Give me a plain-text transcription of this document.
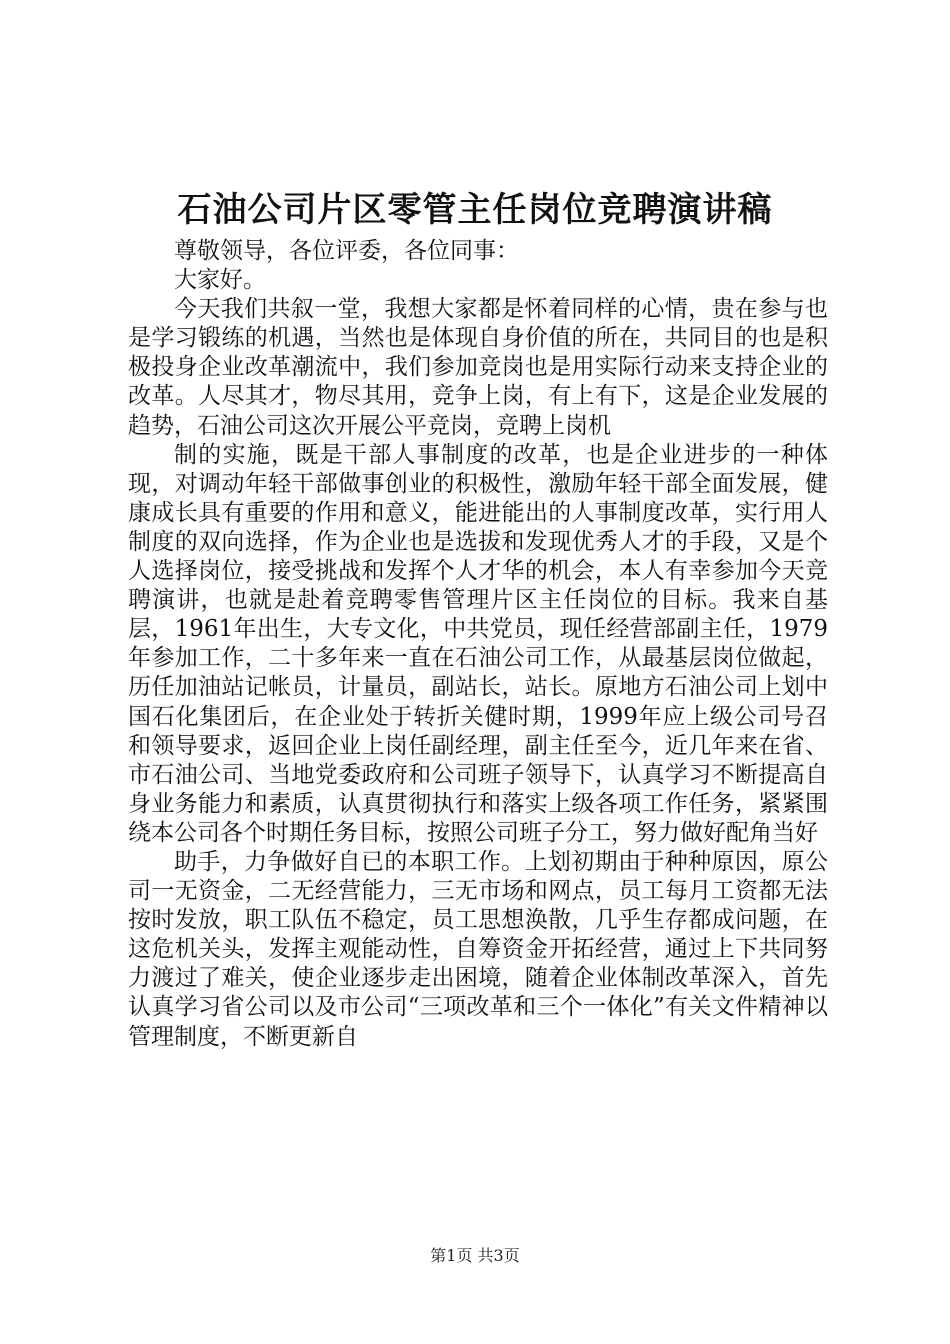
石油公司片区零管主任岗位竞聘演讲稿

尊敬领导，各位评委，各位同事：

大家好。

今天我们共叙一堂，我想大家都是怀着同样的心情，贵在参与也是学习锻练的机遇，当然也是体现自身价值的所在，共同目的也是积极投身企业改革潮流中，我们参加竞岗也是用实际行动来支持企业的改革。人尽其才，物尽其用，竞争上岗，有上有下，这是企业发展的趋势，石油公司这次开展公平竞岗，竞聘上岗机

制的实施，既是干部人事制度的改革，也是企业进步的一种体现，对调动年轻干部做事创业的积极性，激励年轻干部全面发展，健康成长具有重要的作用和意义，能进能出的人事制度改革，实行用人制度的双向选择，作为企业也是选拔和发现优秀人才的手段，又是个人选择岗位，接受挑战和发挥个人才华的机会，本人有幸参加今天竞聘演讲，也就是赴着竞聘零售管理片区主任岗位的目标。我来自基层，1961年出生，大专文化，中共党员，现任经营部副主任，1979年参加工作，二十多年来一直在石油公司工作，从最基层岗位做起，历任加油站记帐员，计量员，副站长，站长。原地方石油公司上划中国石化集团后，在企业处于转折关健时期，1999年应上级公司号召和领导要求，返回企业上岗任副经理，副主任至今，近几年来在省、市石油公司、当地党委政府和公司班子领导下，认真学习不断提高自身业务能力和素质，认真贯彻执行和落实上级各项工作任务，紧紧围绕本公司各个时期任务目标，按照公司班子分工，努力做好配角当好

助手，力争做好自已的本职工作。上划初期由于种种原因，原公司一无资金，二无经营能力，三无市场和网点，员工每月工资都无法按时发放，职工队伍不稳定，员工思想涣散，几乎生存都成问题，在这危机关头，发挥主观能动性，自筹资金开拓经营，通过上下共同努力渡过了难关，使企业逐步走出困境，随着企业体制改革深入，首先认真学习省公司以及市公司“三项改革和三个一体化”有关文件精神以管理制度，不断更新自

第1页 共3页
